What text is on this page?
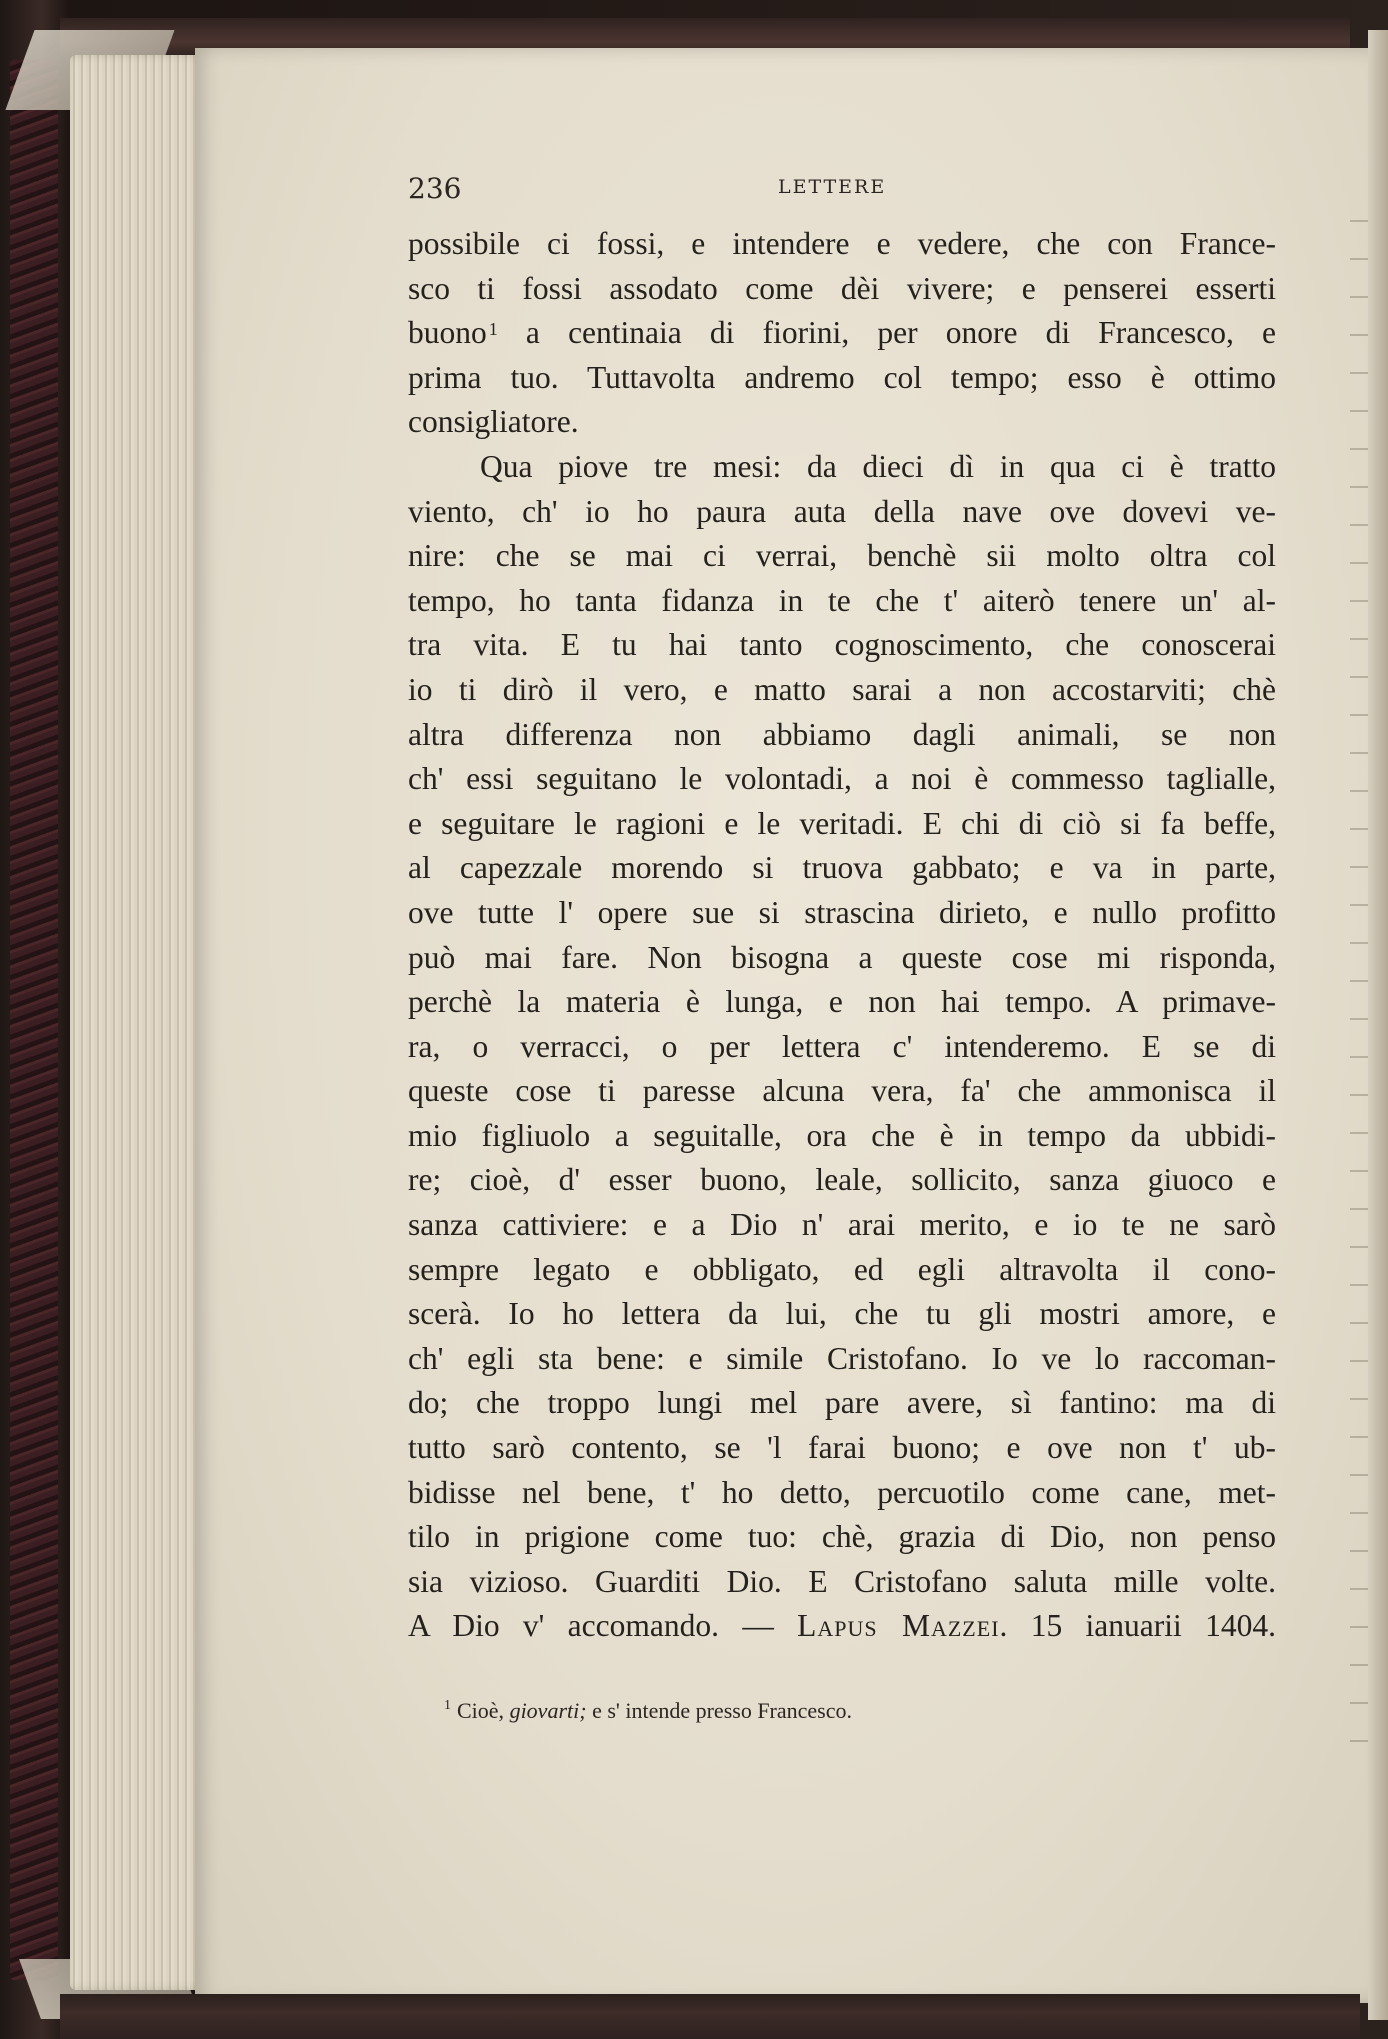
236	LETTERE
possibile ci fossi, e intendere e vedere, che con France-
sco ti fossi assodato come dèi vivere; e penserei esserti
buono $^1$ a centinaia di fiorini, per onore di Francesco, e
prima tuo. Tuttavolta andremo col tempo; esso è ottimo
consigliatore.
Qua piove tre mesi: da dieci dì in qua ci è tratto
viento, ch' io ho paura auta della nave ove dovevi ve-
nire: che se mai ci verrai, benchè sii molto oltra col
tempo, ho tanta fidanza in te che t' aiterò tenere un' al-
tra vita. E tu hai tanto cognoscimento, che conoscerai
io ti dirò il vero, e matto sarai a non accostarviti; chè
altra differenza non abbiamo dagli animali, se non
ch' essi seguitano le volontadi, a noi è commesso taglialle,
e seguitare le ragioni e le veritadi. E chi di ciò si fa beffe,
al capezzale morendo si truova gabbato; e va in parte,
ove tutte l' opere sue si strascina dirieto, e nullo profitto
può mai fare. Non bisogna a queste cose mi risponda,
perchè la materia è lunga, e non hai tempo. A primave-
ra, o verracci, o per lettera c' intenderemo. E se di
queste cose ti paresse alcuna vera, fa' che ammonisca il
mio figliuolo a seguitalle, ora che è in tempo da ubbidi-
re; cioè, d' esser buono, leale, sollicito, sanza giuoco e
sanza cattiviere: e a Dio n' arai merito, e io te ne sarò
sempre legato e obbligato, ed egli altravolta il cono-
scerà. Io ho lettera da lui, che tu gli mostri amore, e
ch' egli sta bene: e simile Cristofano. Io ve lo raccoman-
do; che troppo lungi mel pare avere, sì fantino: ma di
tutto sarò contento, se 'l farai buono; e ove non t' ub-
bidisse nel bene, t' ho detto, percuotilo come cane, met-
tilo in prigione come tuo: chè, grazia di Dio, non penso
sia vizioso. Guarditi Dio. E Cristofano saluta mille volte.
A Dio v' accomando. — Lapus Mazzei. 15 ianuarii 1404.
$^1$ Cioè, giovarti; e s' intende presso Francesco.
